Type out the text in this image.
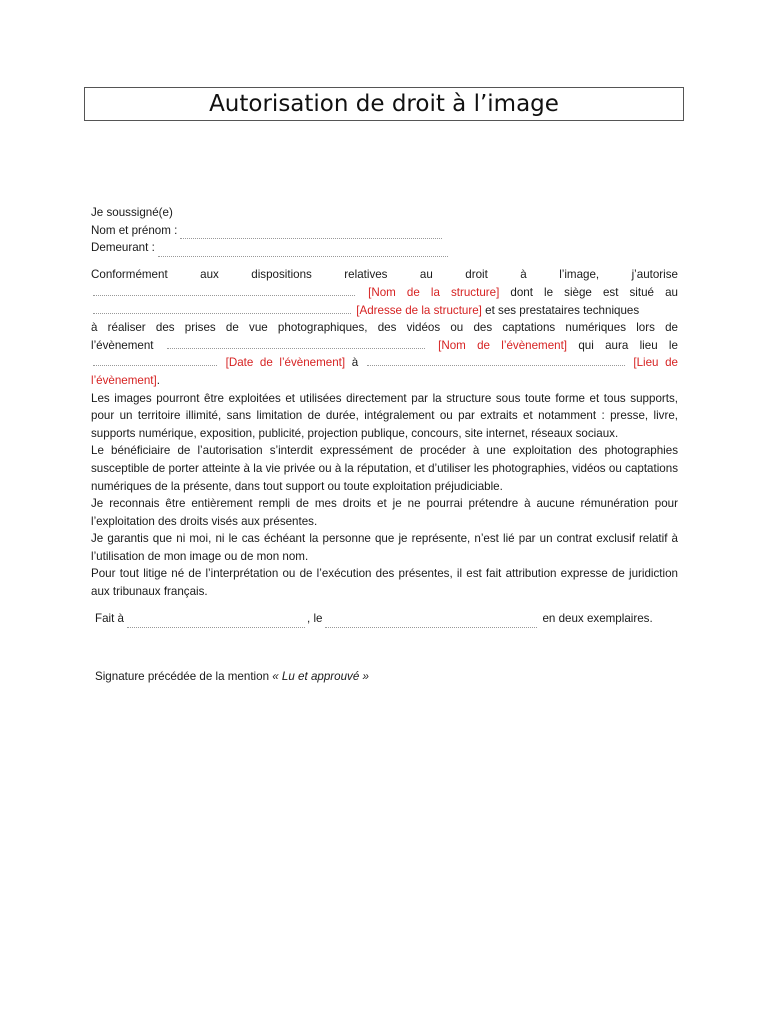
Autorisation de droit à l’image

Je soussigné(e)

Nom et prénom :

Demeurant :

Conformément aux dispositions relatives au droit à l’image, j’autorise

[Nom de la structure] dont le siège est situé au

[Adresse de la structure] et ses prestataires techniques

à réaliser des prises de vue photographiques, des vidéos ou des captations numériques lors de

l’évènement	[Nom de l’évènement] qui aura lieu le

[Date de l’évènement] à	[Lieu de

l’évènement].

Les images pourront être exploitées et utilisées directement par la structure sous toute forme et tous supports, pour un territoire illimité, sans limitation de durée, intégralement ou par extraits et notamment : presse, livre, supports numérique, exposition, publicité, projection publique, concours, site internet, réseaux sociaux.

Le bénéficiaire de l’autorisation s’interdit expressément de procéder à une exploitation des photographies susceptible de porter atteinte à la vie privée ou à la réputation, et d’utiliser les photographies, vidéos ou captations numériques de la présente, dans tout support ou toute exploitation préjudiciable.

Je reconnais être entièrement rempli de mes droits et je ne pourrai prétendre à aucune rémunération pour l’exploitation des droits visés aux présentes.

Je garantis que ni moi, ni le cas échéant la personne que je représente, n’est lié par un contrat exclusif relatif à l’utilisation de mon image ou de mon nom.

Pour tout litige né de l’interprétation ou de l’exécution des présentes, il est fait attribution expresse de juridiction aux tribunaux français.

Fait à	, le	en deux exemplaires.

Signature précédée de la mention « Lu et approuvé »
